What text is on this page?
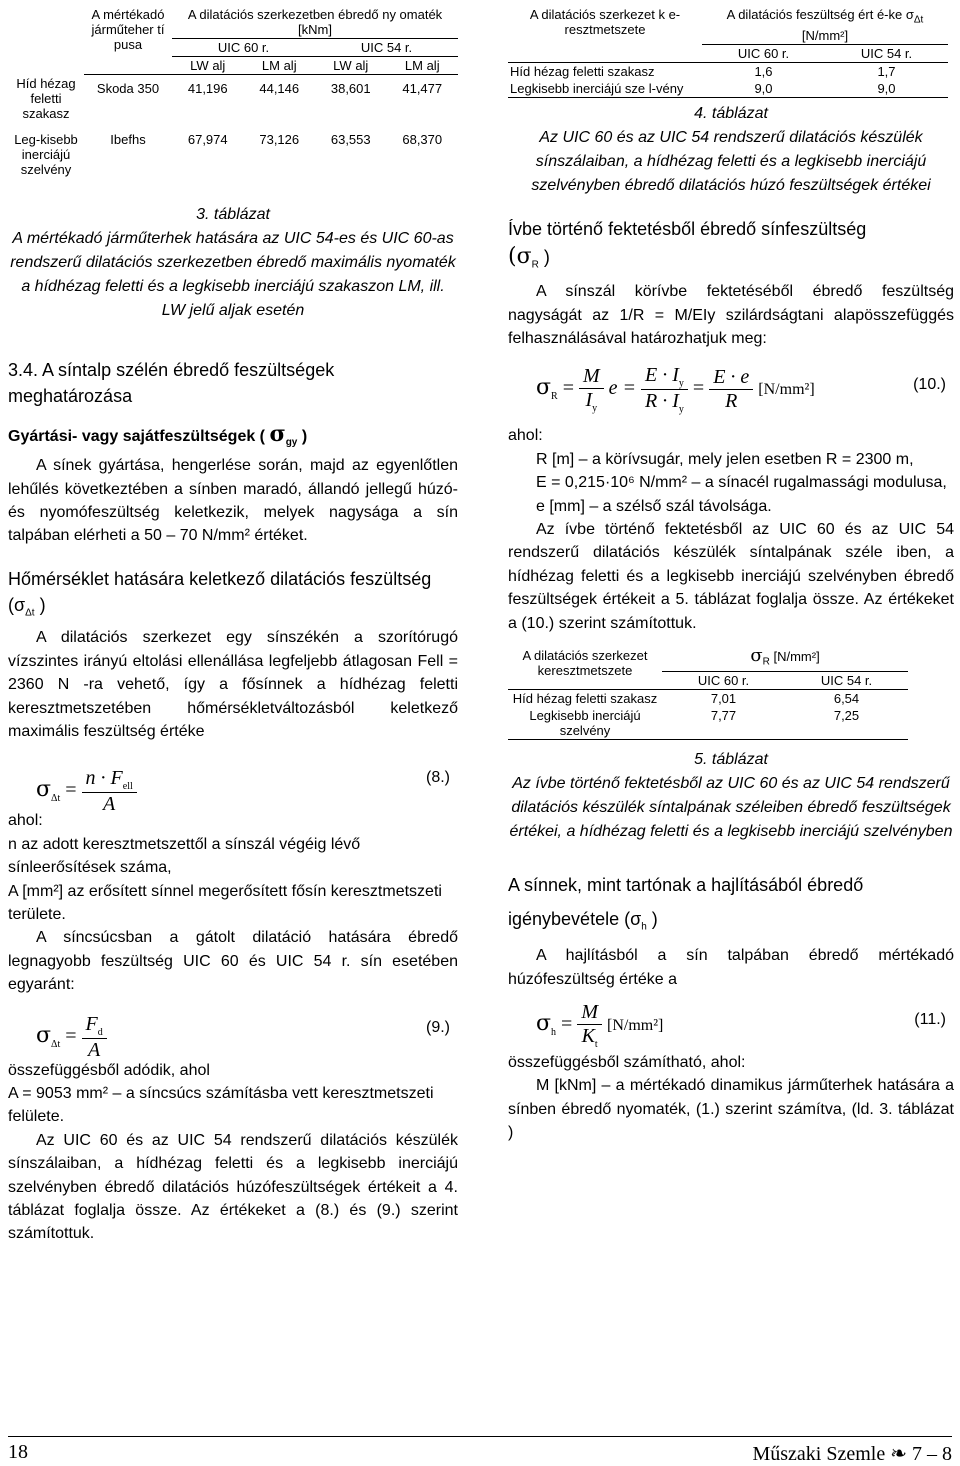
	A mértékadó járműteher tí pusa	A dilatációs szerkezetben ébredő ny omaték [kNm]			
		UIC 60 r.		UIC 54 r.	
		LW alj	LM alj	LW alj	LM alj
Híd hézag feletti szakasz	Skoda 350	41,196	44,146	38,601	41,477
Leg-kisebb inerciájú szelvény	Ibefhs	67,974	73,126	63,553	68,370

3. táblázat

A mértékadó járműterhek hatására az UIC 54-es és UIC 60-as rendszerű dilatációs szerkezetben ébredő maximális nyomaték a hídhézag feletti és a legkisebb inerciájú szakaszon LM, ill. LW jelű aljak esetén

3.4. A síntalp szélén ébredő feszültségek meghatározása

Gyártási- vagy sajátfeszültségek ( $\sigma_{gy}$ )

A sínek gyártása, hengerlése során, majd az egyenlőtlen lehűlés következtében a sínben maradó, állandó jellegű húzó- és nyomófeszültség keletkezik, melyek nagysága a sín talpában elérheti a 50 – 70 N/mm² értéket.

Hőmérséklet hatására keletkező dilatációs feszültség ($\sigma_{\Delta t}$ )

A dilatációs szerkezet egy sínszékén a szorítórugó vízszintes irányú eltolási ellenállása legfeljebb átlagosan Fell = 2360 N -ra vehető, így a fősínnek a hídhézag feletti keresztmetszetében hőmérsékletváltozásból keletkező maximális feszültség értéke

$\sigma_{\Delta t} = \frac{n \cdot F_{ell}}{A}$	(8.)

ahol:

n az adott keresztmetszettől a sínszál végéig lévő sínleerősítések száma,

A [mm²] az erősített sínnel megerősített fősín keresztmetszeti területe.

A síncsúcsban a gátolt dilatáció hatására ébredő legnagyobb feszültség UIC 60 és UIC 54 r. sín esetében egyaránt:

$\sigma_{\Delta t} = \frac{F_d}{A}$	(9.)

összefüggésből adódik, ahol

A = 9053 mm² – a síncsúcs számításba vett keresztmetszeti felülete.

Az UIC 60 és az UIC 54 rendszerű dilatációs készülék sínszálaiban, a hídhézag feletti és a legkisebb inerciájú szelvényben ébredő dilatációs húzófeszültségek értékeit a 4. táblázat foglalja össze. Az értékeket a (8.) és (9.) szerint számítottuk.

A dilatációs szerkezet k e-resztmetszete	A dilatációs feszültség ért é-ke $\sigma_{\Delta t}$ [N/mm²]	
	UIC 60 r.	UIC 54 r.
Híd hézag feletti szakasz	1,6	1,7
Legkisebb inerciájú sze l-vény	9,0	9,0

4. táblázat

Az UIC 60 és az UIC 54 rendszerű dilatációs készülék sínszálaiban, a hídhézag feletti és a legkisebb inerciájú szelvényben ébredő dilatációs húzó feszültségek értékei

Ívbe történő fektetésből ébredő sínfeszültség

($\sigma_R$ )

A sínszál körívbe fektetéséből ébredő feszültség nagyságát az 1/R = M/EIy szilárdságtani alapösszefüggés felhasználásával határozhatjuk meg:

$\sigma_R = \frac{M}{I_y}$ $e = \frac{E \cdot I_y}{R \cdot I_y} = \frac{E \cdot e}{R} [N/mm^2]$	(10.)

ahol:

R [m] – a körívsugár, mely jelen esetben R = 2300 m,

E = 0,215·10⁶ N/mm² – a sínacél rugalmassági modulusa,

e [mm] – a szélső szál távolsága.

Az ívbe történő fektetésből az UIC 60 és az UIC 54 rendszerű dilatációs készülék síntalpának széle iben, a hídhézag feletti és a legkisebb inerciájú szelvényben ébredő feszültségek értékeit a 5. táblázat foglalja össze. Az értékeket a (10.) szerint számítottuk.

A dilatációs szerkezet keresztmetszete	$\sigma_R$ [N/mm²]	
	UIC 60 r.	UIC 54 r.
Híd hézag feletti szakasz	7,01	6,54
Legkisebb inerciájú szelvény	7,77	7,25

5. táblázat

Az ívbe történő fektetésből az UIC 60 és az UIC 54 rendszerű dilatációs készülék síntalpának széleiben ébredő feszültségek értékei, a hídhézag feletti és a legkisebb inerciájú szelvényben

A sínnek, mint tartónak a hajlításából ébredő igénybevétele ($\sigma_h$ )

A hajlításból a sín talpában ébredő mértékadó húzófeszültség értéke a

$\sigma_h = \frac{M}{K_t} [N/mm^2]$	(11.)

összefüggésből számítható, ahol:

M [kNm] – a mértékadó dinamikus járműterhek hatására a sínben ébredő nyomaték, (1.) szerint számítva, (ld. 3. táblázat )

18	Műszaki Szemle ❧ 7 – 8
